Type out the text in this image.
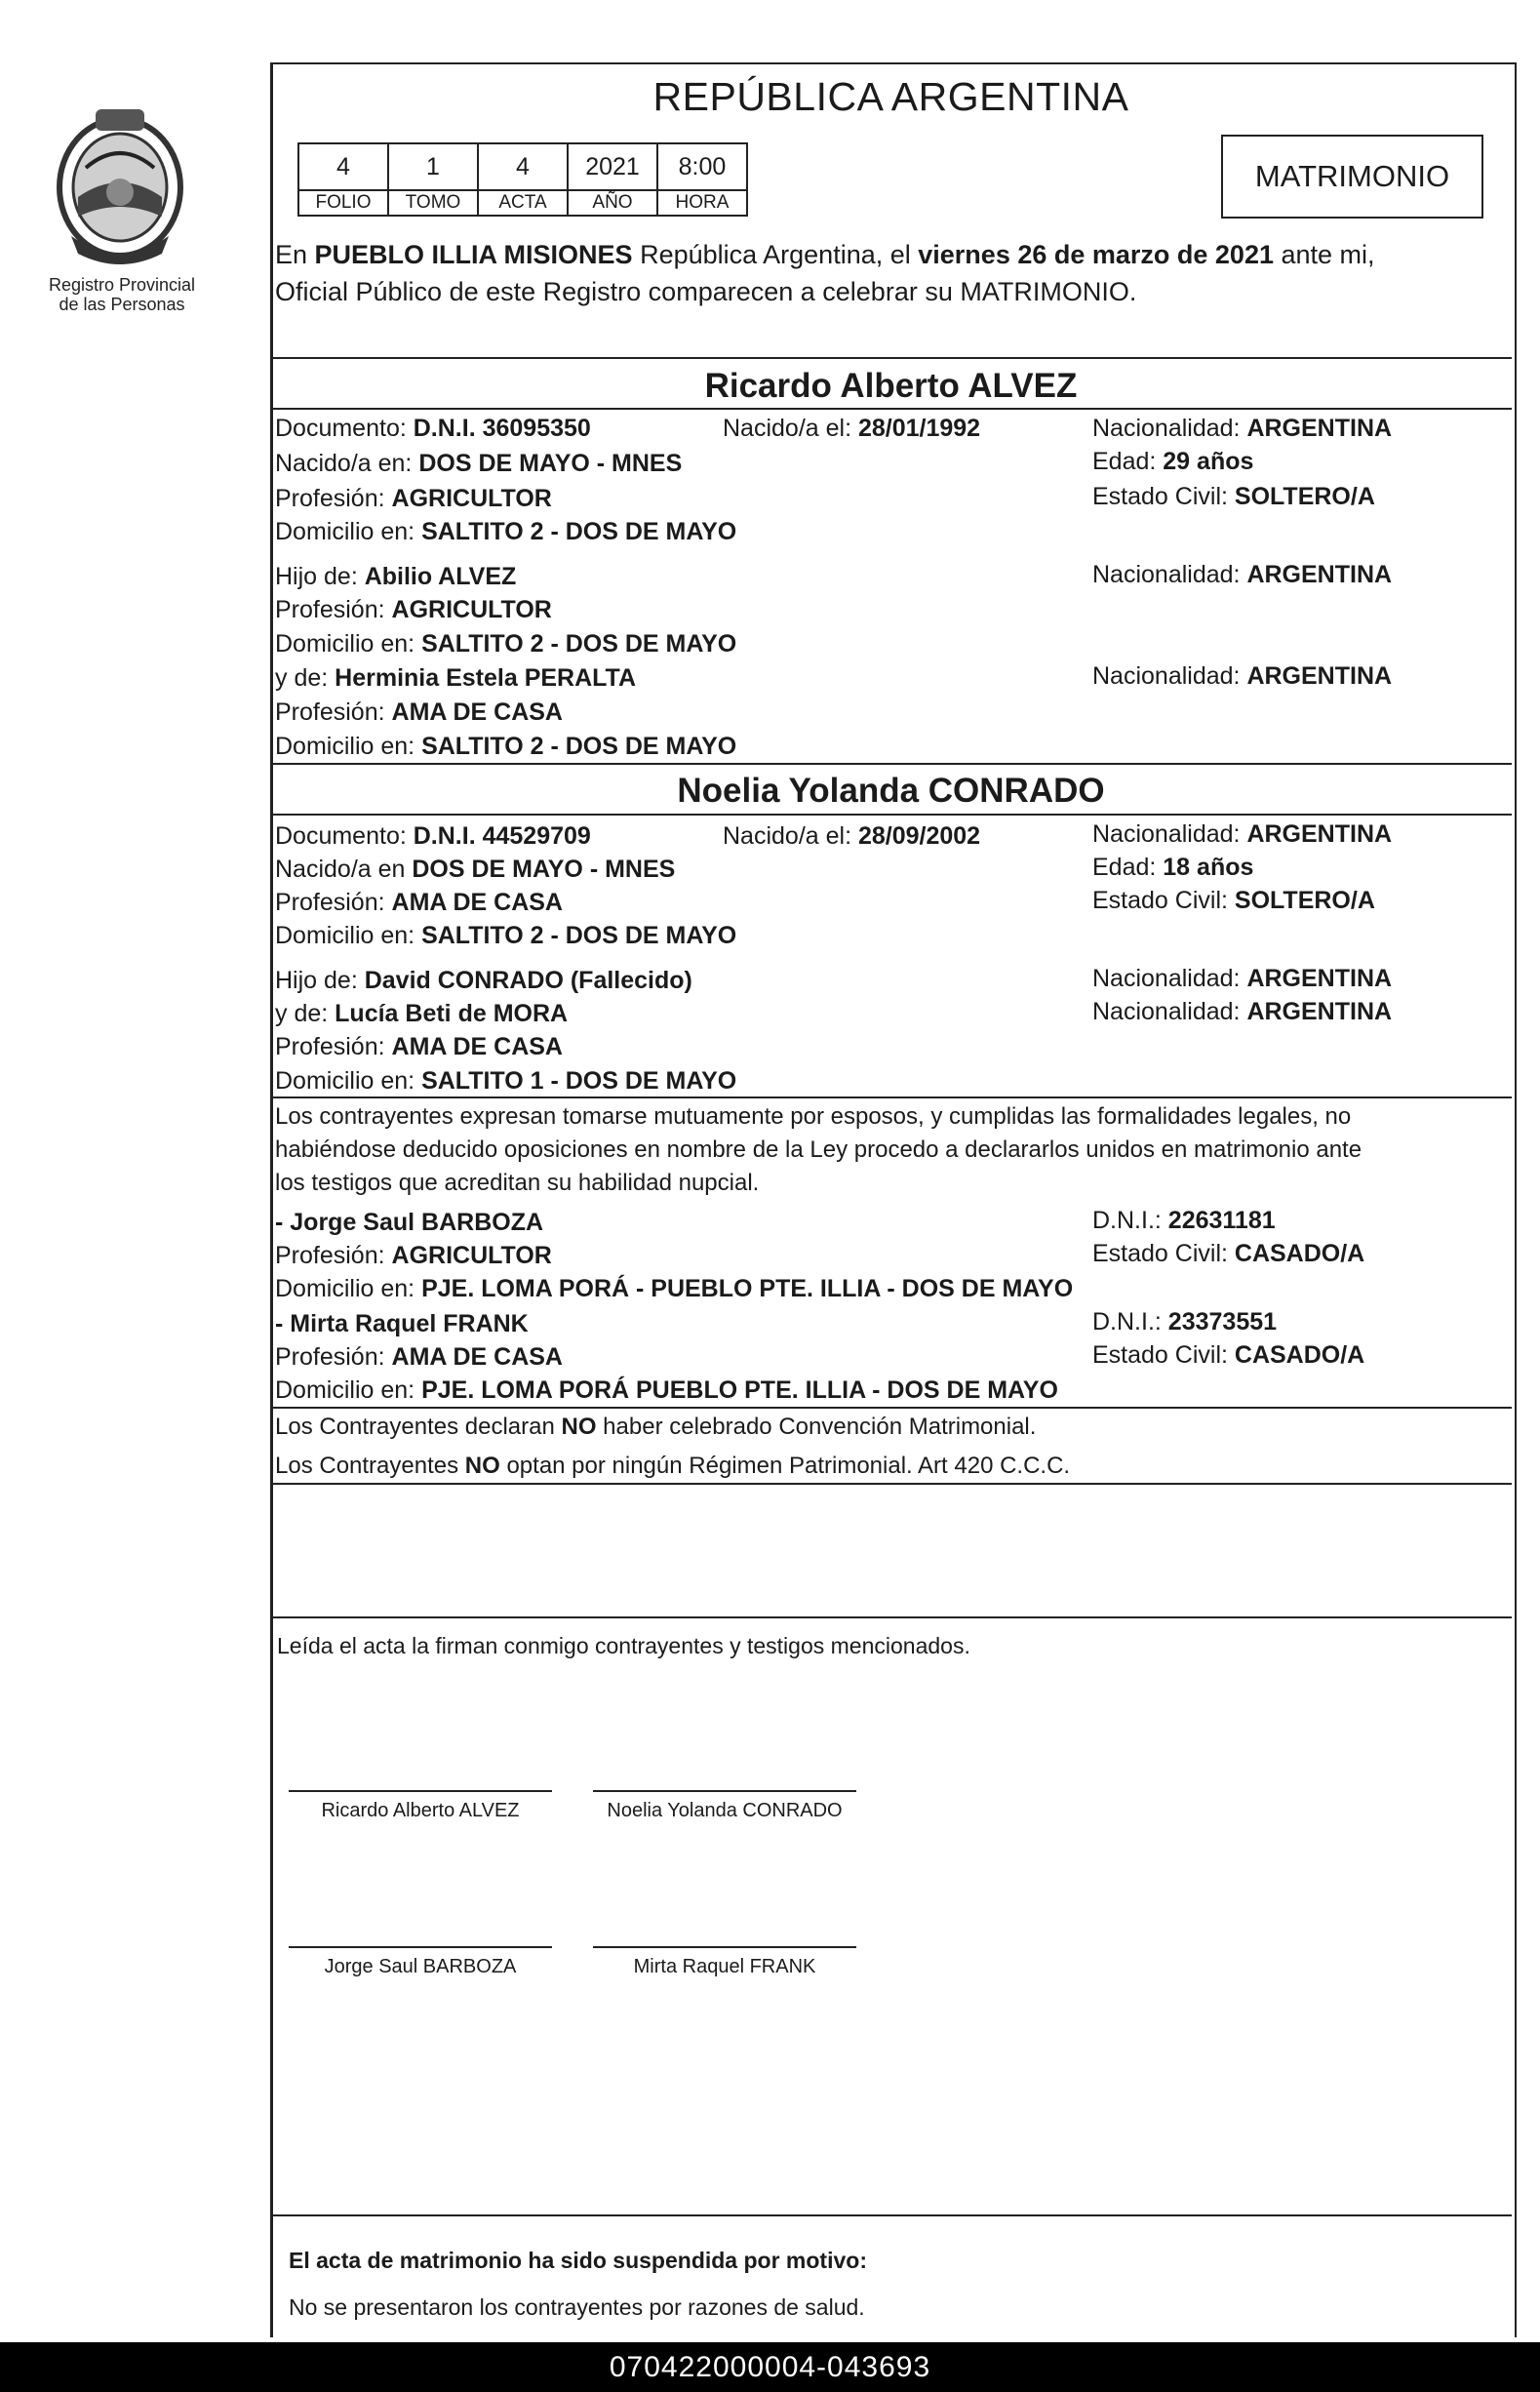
Registro Provincial
de las Personas
REPÚBLICA ARGENTINA
4	1	4	2021	8:00
FOLIO	TOMO	ACTA	AÑO	HORA
MATRIMONIO
En PUEBLO ILLIA MISIONES República Argentina, el viernes 26 de marzo de 2021 ante mi,
Oficial Público de este Registro comparecen a celebrar su MATRIMONIO.
Ricardo Alberto ALVEZ
Documento: D.N.I. 36095350	Nacido/a el: 28/01/1992	Nacionalidad: ARGENTINA
Nacido/a en: DOS DE MAYO - MNES	Edad: 29 años
Profesión: AGRICULTOR	Estado Civil: SOLTERO/A
Domicilio en: SALTITO 2 - DOS DE MAYO
Hijo de: Abilio ALVEZ	Nacionalidad: ARGENTINA
Profesión: AGRICULTOR
Domicilio en: SALTITO 2 - DOS DE MAYO
y de: Herminia Estela PERALTA	Nacionalidad: ARGENTINA
Profesión: AMA DE CASA
Domicilio en: SALTITO 2 - DOS DE MAYO
Noelia Yolanda CONRADO
Documento: D.N.I. 44529709	Nacido/a el: 28/09/2002	Nacionalidad: ARGENTINA
Nacido/a en DOS DE MAYO - MNES	Edad: 18 años
Profesión: AMA DE CASA	Estado Civil: SOLTERO/A
Domicilio en: SALTITO 2 - DOS DE MAYO
Hijo de: David CONRADO (Fallecido)	Nacionalidad: ARGENTINA
y de: Lucía Beti de MORA	Nacionalidad: ARGENTINA
Profesión: AMA DE CASA
Domicilio en: SALTITO 1 - DOS DE MAYO
Los contrayentes expresan tomarse mutuamente por esposos, y cumplidas las formalidades legales, no
habiéndose deducido oposiciones en nombre de la Ley procedo a declararlos unidos en matrimonio ante
los testigos que acreditan su habilidad nupcial.
- Jorge Saul BARBOZA	D.N.I.: 22631181
Profesión: AGRICULTOR	Estado Civil: CASADO/A
Domicilio en: PJE. LOMA PORÁ - PUEBLO PTE. ILLIA - DOS DE MAYO
- Mirta Raquel FRANK	D.N.I.: 23373551
Profesión: AMA DE CASA	Estado Civil: CASADO/A
Domicilio en: PJE. LOMA PORÁ PUEBLO PTE. ILLIA - DOS DE MAYO
Los Contrayentes declaran NO haber celebrado Convención Matrimonial.
Los Contrayentes NO optan por ningún Régimen Patrimonial. Art 420 C.C.C.
Leída el acta la firman conmigo contrayentes y testigos mencionados.
Ricardo Alberto ALVEZ	Noelia Yolanda CONRADO
Jorge Saul BARBOZA	Mirta Raquel FRANK
El acta de matrimonio ha sido suspendida por motivo:
No se presentaron los contrayentes por razones de salud.
070422000004-043693
